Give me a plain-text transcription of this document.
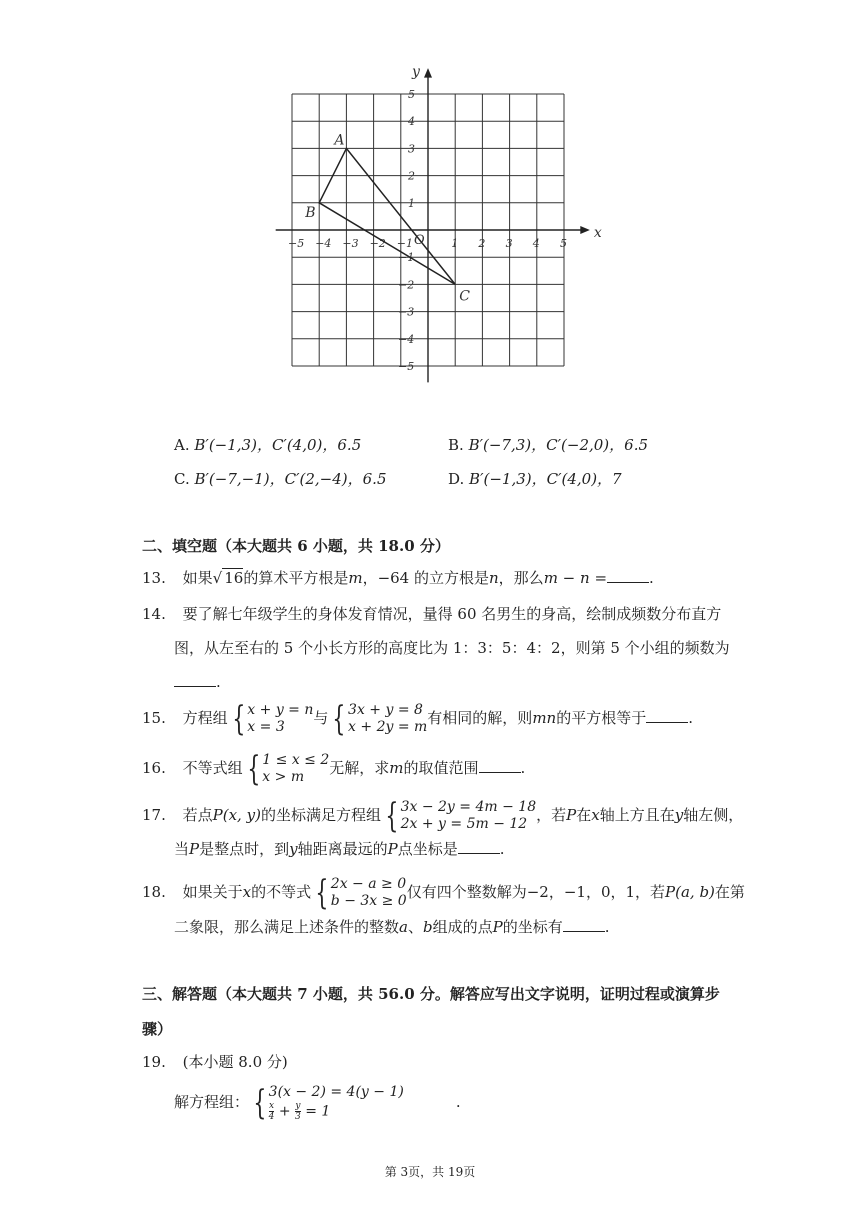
−5 −4 −3 −2 −1	1 2 3 4 5
1
2
3
4
5
−1
−2
−3
−4
−5
x
y
O
A
B
C
A. B′(−1,3)，C′(4,0)，6.5	B. B′(−7,3)，C′(−2,0)，6.5
C. B′(−7,−1)，C′(2,−4)，6.5	D. B′(−1,3)，C′(4,0)，7
二、填空题（本大题共 6 小题，共 18.0 分）
13. 如果√ 16的算术平方根是m，−64 的立方根是n，那么m − n =	.
14. 要了解七年级学生的身体发育情况，量得 60 名男生的身高，绘制成频数分布直方
图，从左至右的 5 个小长方形的高度比为 1：3：5：4：2，则第 5 个小组的频数为
.
15. 方程组 { x + y = n
x = 3	与 { 3x + y = 8
x + 2y = m 有相同的解，则mn的平方根等于	.
16. 不等式组 { 1 ≤ x ≤ 2
x > m	无解，求m的取值范围	.
17. 若点P(x, y)的坐标满足方程组 { 3x − 2y = 4m − 18
2x + y = 5m − 12 ，若P在x轴上方且在y轴左侧，
当P是整点时，到y轴距离最远的P点坐标是	.
18. 如果关于x的不等式 { 2x − a ≥ 0
b − 3x ≥ 0 仅有四个整数解为−2，−1，0，1，若P(a, b)在第
二象限，那么满足上述条件的整数a、b组成的点P的坐标有	.
三、解答题（本大题共 7 小题，共 56.0 分。解答应写出文字说明，证明过程或演算步
骤）
19. (本小题 8.0 分)
解方程组： { 3(x − 2) = 4(y − 1)
$\frac{x}{4} + \frac{y}{3} = 1$
.
第 3页，共 19页
